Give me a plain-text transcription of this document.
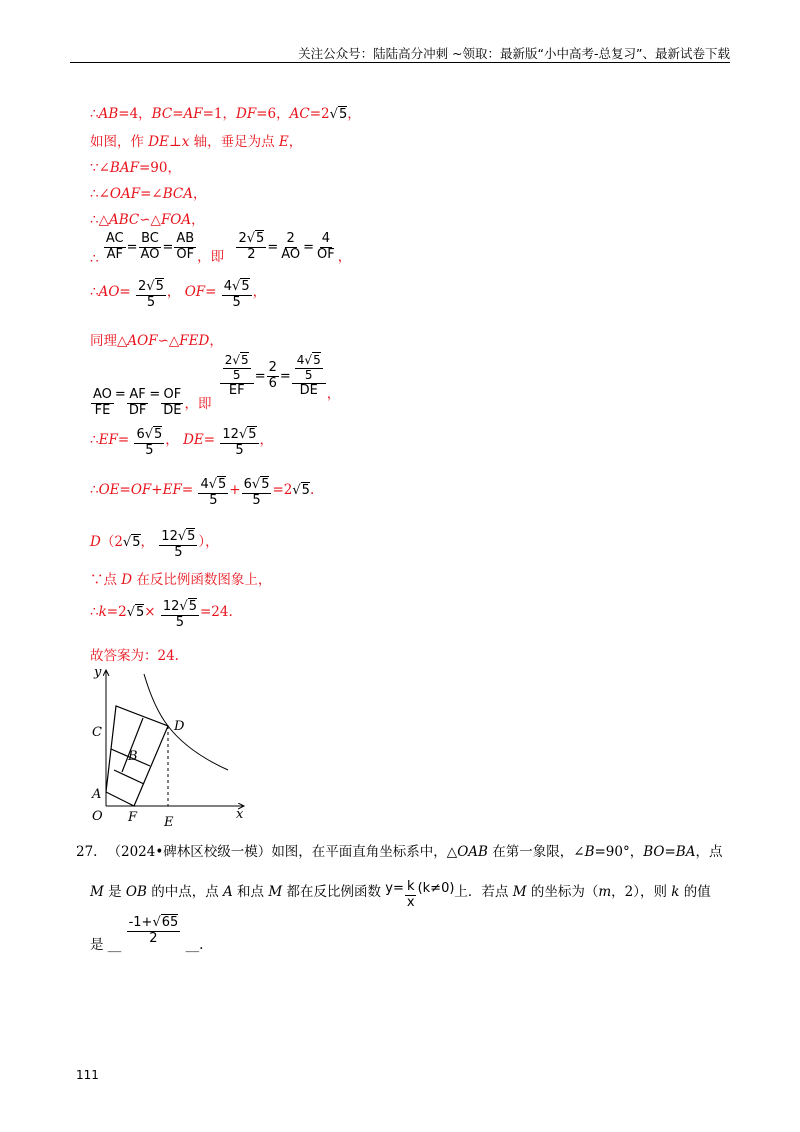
关注公众号：陆陆高分冲刺 ~领取：最新版“小中高考-总复习”、最新试卷下载
∴AB=4，BC=AF=1，DF=6，AC=2√5，
如图，作 DE⊥x 轴，垂足为点 E，
∵∠BAF=90，
∴∠OAF=∠BCA，
∴△ABC∽△FOA，
∴ $\frac{AC}{AF} = \frac{BC}{AO} = \frac{AB}{OF}$ ，即 $\frac{2√5}{2} = \frac{2}{AO} = \frac{4}{OF}$ ，
∴AO= $\frac{2√5}{5}$ ， $OF= \frac{4√5}{5}$ ，
同理△AOF∽△FED，
$\frac{AO}{FE} = \frac{AF}{DF} = \frac{OF}{DE}$ ，即
$\frac{\frac{2√5}{5}}{EF} = \frac{2}{6} = \frac{\frac{4√5}{5}}{DE}$ ，
∴EF= $\frac{6√5}{5}$ ， $DE= \frac{12√5}{5}$ ，
∴OE=OF+EF= $\frac{4√5}{5} + \frac{6√5}{5} =2√5$.
D（2√5， $\frac{12√5}{5}$ ），
∵点 D 在反比例函数图象上，
∴k=2√5× $\frac{12√5}{5} =24$.
故答案为：24.
y
x
O
A
C
B
D
E
F
27. （2024•碑林区校级一模）如图，在平面直角坐标系中，△OAB 在第一象限，∠B=90°，BO=BA，点
M 是 OB 的中点，点 A 和点 M 都在反比例函数 $y= \frac{k}{x} (k\ne 0)$上．若点 M 的坐标为（m，2），则 k 的值
是 __ $\frac{-1+√65}{2}$ __.
111
